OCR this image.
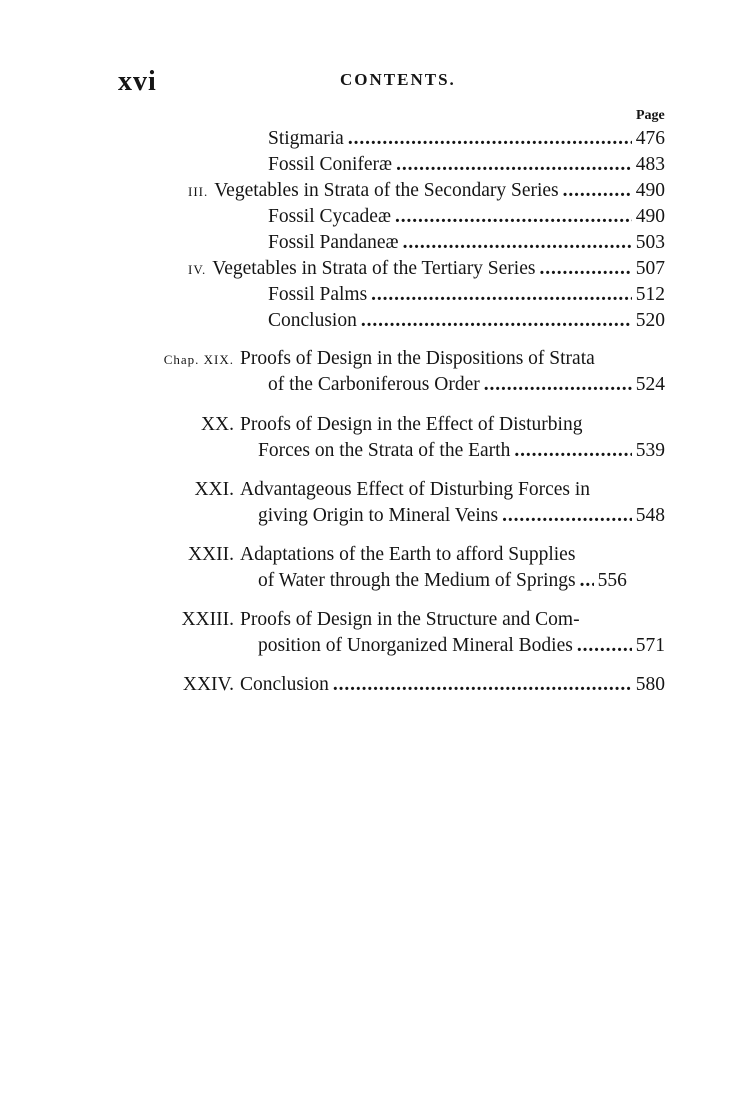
xvi	CONTENTS.
Page
Stigmaria . . .	476
Fossil Coniferæ . . .	483
III. Vegetables in Strata of the Secondary Series . . .	490
Fossil Cycadeæ . . .	490
Fossil Pandaneæ . . .	503
IV. Vegetables in Strata of the Tertiary Series . . .	507
Fossil Palms . . .	512
Conclusion . . .	520
Chap. XIX. Proofs of Design in the Dispositions of Strata
of the Carboniferous Order . . .	524
XX. Proofs of Design in the Effect of Disturbing
Forces on the Strata of the Earth . . .	539
XXI. Advantageous Effect of Disturbing Forces in
giving Origin to Mineral Veins . . .	548
XXII. Adaptations of the Earth to afford Supplies
of Water through the Medium of Springs . . . 556
XXIII. Proofs of Design in the Structure and Com-
position of Unorganized Mineral Bodies . . .	571
XXIV. Conclusion . . .	580
